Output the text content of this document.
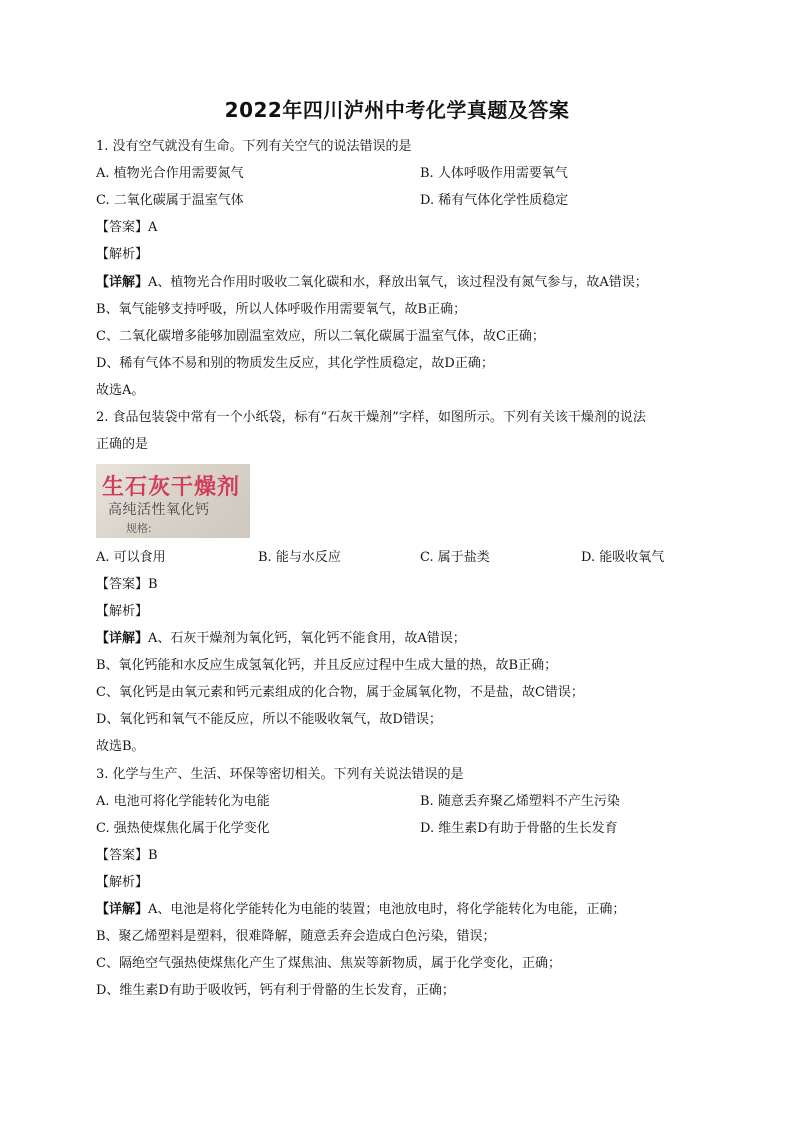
2022年四川泸州中考化学真题及答案
1. 没有空气就没有生命。下列有关空气的说法错误的是
A. 植物光合作用需要氮气	B. 人体呼吸作用需要氧气
C. 二氧化碳属于温室气体	D. 稀有气体化学性质稳定
【答案】A
【解析】
【详解】A、植物光合作用时吸收二氧化碳和水，释放出氧气，该过程没有氮气参与，故A错误；
B、氧气能够支持呼吸，所以人体呼吸作用需要氧气，故B正确；
C、二氧化碳增多能够加剧温室效应，所以二氧化碳属于温室气体，故C正确；
D、稀有气体不易和别的物质发生反应，其化学性质稳定，故D正确；
故选A。
2. 食品包装袋中常有一个小纸袋，标有“石灰干燥剂”字样，如图所示。下列有关该干燥剂的说法
正确的是
生石灰干燥剂
高纯活性氧化钙
规格:
A. 可以食用	B. 能与水反应	C. 属于盐类	D. 能吸收氧气
【答案】B
【解析】
【详解】A、石灰干燥剂为氧化钙，氧化钙不能食用，故A错误；
B、氧化钙能和水反应生成氢氧化钙，并且反应过程中生成大量的热，故B正确；
C、氧化钙是由氧元素和钙元素组成的化合物，属于金属氧化物，不是盐，故C错误；
D、氧化钙和氧气不能反应，所以不能吸收氧气，故D错误；
故选B。
3. 化学与生产、生活、环保等密切相关。下列有关说法错误的是
A. 电池可将化学能转化为电能	B. 随意丢弃聚乙烯塑料不产生污染
C. 强热使煤焦化属于化学变化	D. 维生素D有助于骨骼的生长发育
【答案】B
【解析】
【详解】A、电池是将化学能转化为电能的装置；电池放电时，将化学能转化为电能，正确；
B、聚乙烯塑料是塑料，很难降解，随意丢弃会造成白色污染，错误；
C、隔绝空气强热使煤焦化产生了煤焦油、焦炭等新物质，属于化学变化，正确；
D、维生素D有助于吸收钙，钙有利于骨骼的生长发育，正确；
